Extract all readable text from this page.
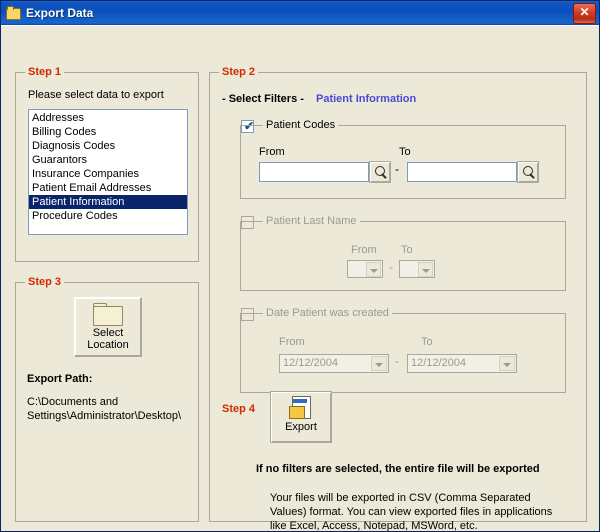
Export Data	✕
Step 1
Please select data to export
Addresses
Billing Codes
Diagnosis Codes
Guarantors
Insurance Companies
Patient Email Addresses
Patient Information
Procedure Codes
Step 3
Select
Location
Export Path:
C:\Documents and Settings\Administrator\Desktop\
Step 2
- Select Filters - Patient Information
✔ Patient Codes
From	To
-
Patient Last Name
From To
-
Date Patient was created
From	To
12/12/2004	-	12/12/2004
Step 4
Export
If no filters are selected, the entire file will be exported
Your files will be exported in CSV (Comma Separated Values) format. You can view exported files in applications like Excel, Access, Notepad, MSWord, etc.
